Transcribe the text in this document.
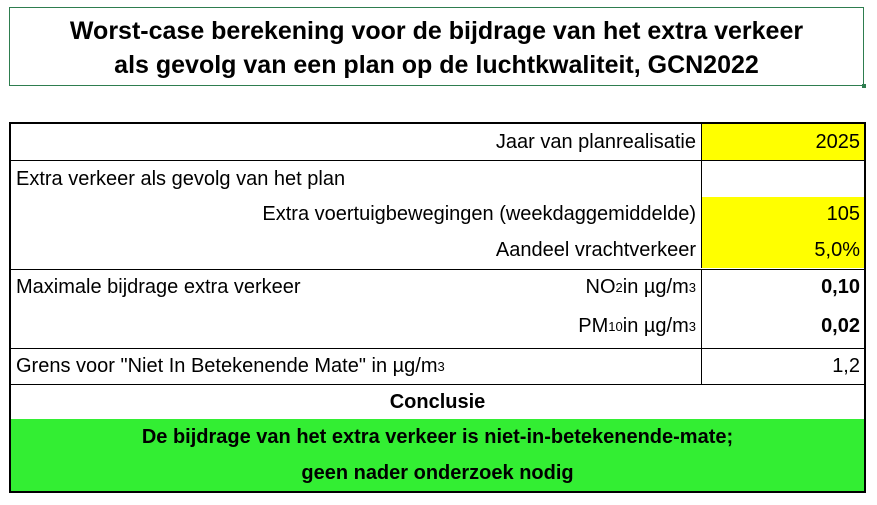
Worst-case berekening voor de bijdrage van het extra verkeer
als gevolg van een plan op de luchtkwaliteit, GCN2022
Jaar van planrealisatie	2025
Extra verkeer als gevolg van het plan
Extra voertuigbewegingen (weekdaggemiddelde)	105
Aandeel vrachtverkeer	5,0%
Maximale bijdrage extra verkeer	NO 2 in µg/m 3	0,10
PM 10 in µg/m 3	0,02
Grens voor "Niet In Betekenende Mate" in µg/m 3	1,2
Conclusie
De bijdrage van het extra verkeer is niet-in-betekenende-mate;
geen nader onderzoek nodig
